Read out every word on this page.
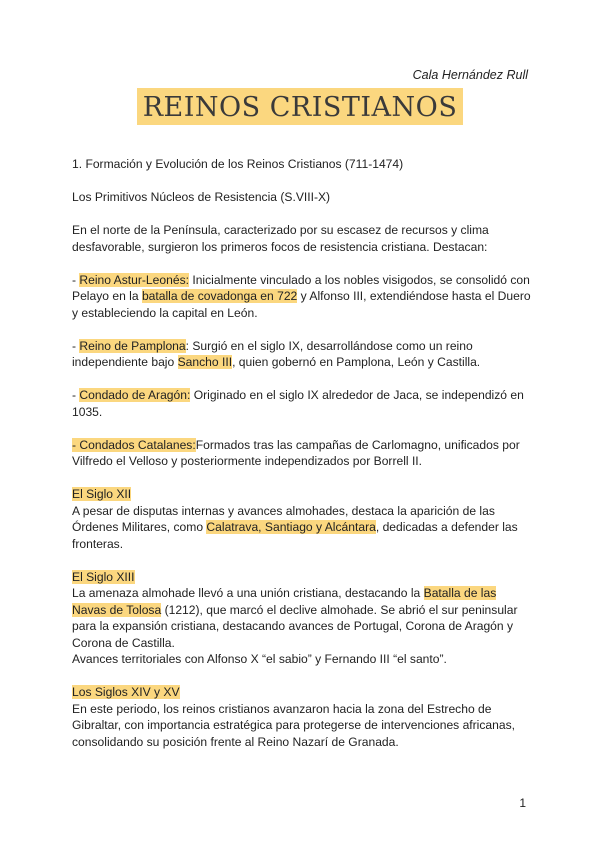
Cala Hernández Rull
REINOS CRISTIANOS

1. Formación y Evolución de los Reinos Cristianos (711-1474)

Los Primitivos Núcleos de Resistencia (S.VIII-X)

En el norte de la Península, caracterizado por su escasez de recursos y clima desfavorable, surgieron los primeros focos de resistencia cristiana. Destacan:

- Reino Astur-Leonés: Inicialmente vinculado a los nobles visigodos, se consolidó con Pelayo en la batalla de covadonga en 722 y Alfonso III, extendiéndose hasta el Duero y estableciendo la capital en León.

- Reino de Pamplona: Surgió en el siglo IX, desarrollándose como un reino independiente bajo Sancho III, quien gobernó en Pamplona, León y Castilla.

- Condado de Aragón: Originado en el siglo IX alrededor de Jaca, se independizó en 1035.

- Condados Catalanes:Formados tras las campañas de Carlomagno, unificados por Vilfredo el Velloso y posteriormente independizados por Borrell II.

El Siglo XII

A pesar de disputas internas y avances almohades, destaca la aparición de las Órdenes Militares, como Calatrava, Santiago y Alcántara, dedicadas a defender las fronteras.

El Siglo XIII

La amenaza almohade llevó a una unión cristiana, destacando la Batalla de las Navas de Tolosa (1212), que marcó el declive almohade. Se abrió el sur peninsular para la expansión cristiana, destacando avances de Portugal, Corona de Aragón y Corona de Castilla.

Avances territoriales con Alfonso X “el sabio” y Fernando III “el santo”.

Los Siglos XIV y XV

En este periodo, los reinos cristianos avanzaron hacia la zona del Estrecho de Gibraltar, con importancia estratégica para protegerse de intervenciones africanas, consolidando su posición frente al Reino Nazarí de Granada.

1
